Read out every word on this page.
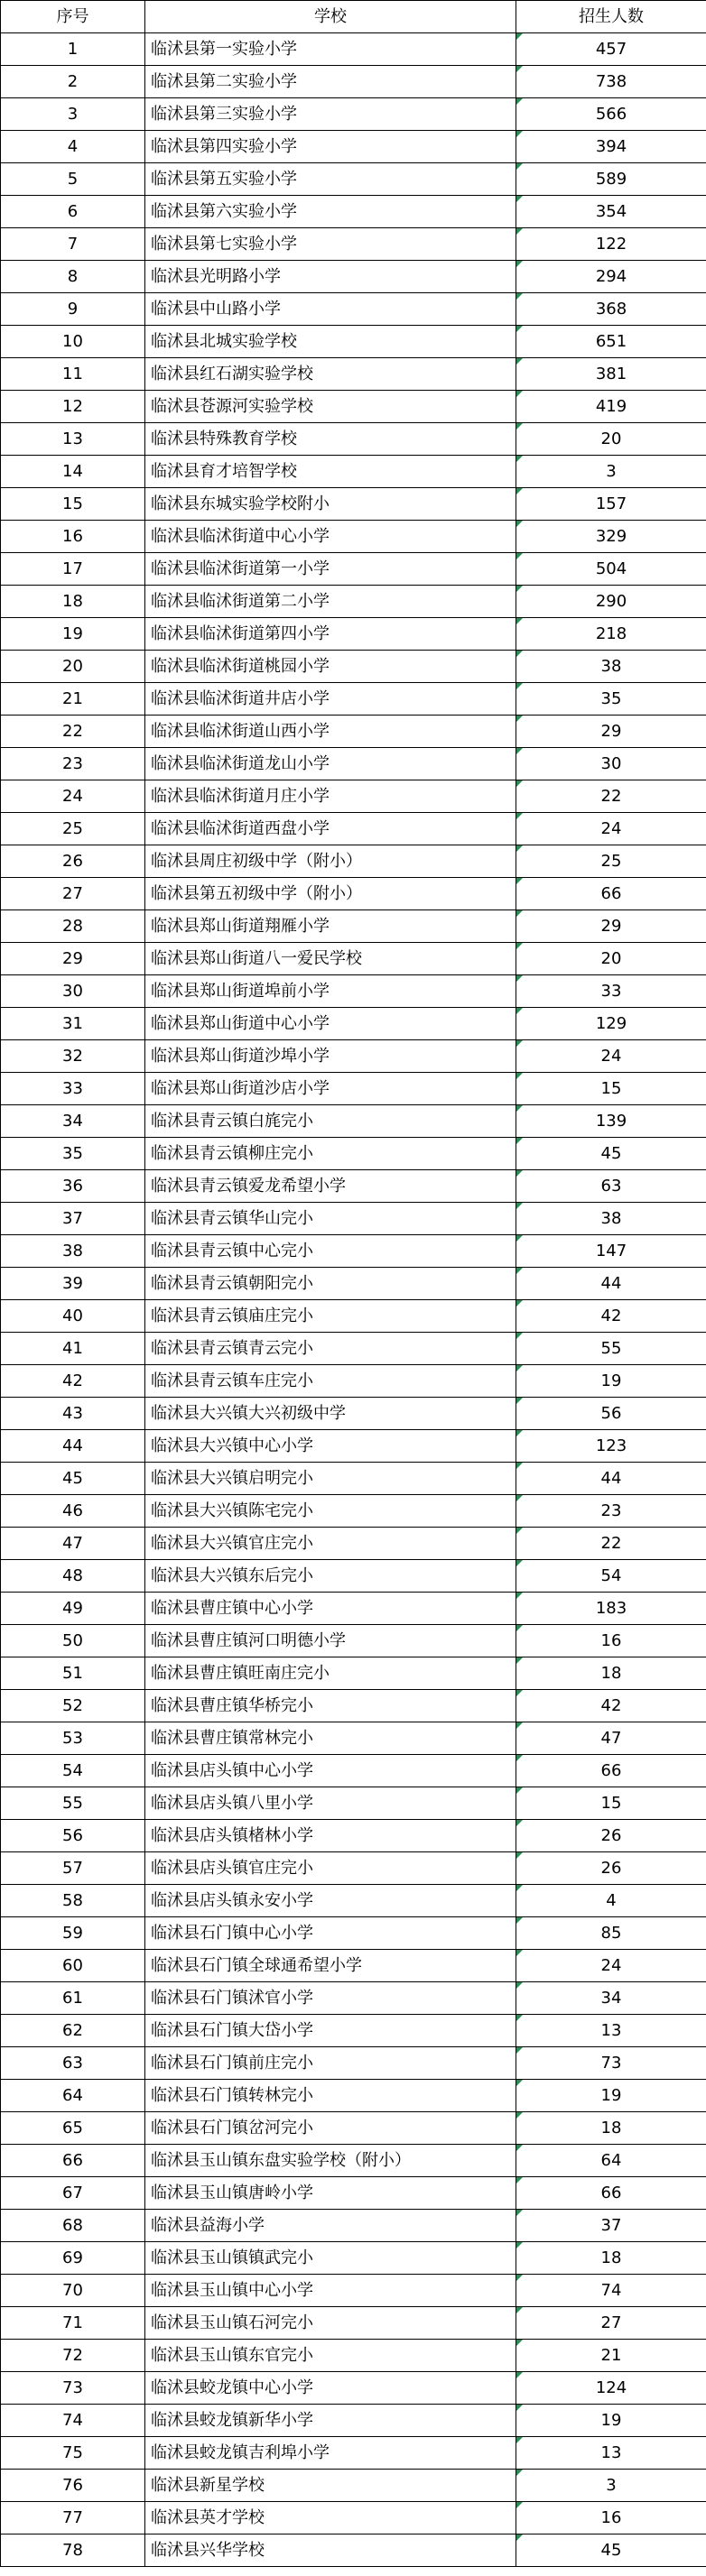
序号	学校	招生人数
1	临沭县第一实验小学	457
2	临沭县第二实验小学	738
3	临沭县第三实验小学	566
4	临沭县第四实验小学	394
5	临沭县第五实验小学	589
6	临沭县第六实验小学	354
7	临沭县第七实验小学	122
8	临沭县光明路小学	294
9	临沭县中山路小学	368
10	临沭县北城实验学校	651
11	临沭县红石湖实验学校	381
12	临沭县苍源河实验学校	419
13	临沭县特殊教育学校	20
14	临沭县育才培智学校	3
15	临沭县东城实验学校附小	157
16	临沭县临沭街道中心小学	329
17	临沭县临沭街道第一小学	504
18	临沭县临沭街道第二小学	290
19	临沭县临沭街道第四小学	218
20	临沭县临沭街道桃园小学	38
21	临沭县临沭街道井店小学	35
22	临沭县临沭街道山西小学	29
23	临沭县临沭街道龙山小学	30
24	临沭县临沭街道月庄小学	22
25	临沭县临沭街道西盘小学	24
26	临沭县周庄初级中学（附小）	25
27	临沭县第五初级中学（附小）	66
28	临沭县郑山街道翔雁小学	29
29	临沭县郑山街道八一爱民学校	20
30	临沭县郑山街道埠前小学	33
31	临沭县郑山街道中心小学	129
32	临沭县郑山街道沙埠小学	24
33	临沭县郑山街道沙店小学	15
34	临沭县青云镇白旄完小	139
35	临沭县青云镇柳庄完小	45
36	临沭县青云镇爱龙希望小学	63
37	临沭县青云镇华山完小	38
38	临沭县青云镇中心完小	147
39	临沭县青云镇朝阳完小	44
40	临沭县青云镇庙庄完小	42
41	临沭县青云镇青云完小	55
42	临沭县青云镇车庄完小	19
43	临沭县大兴镇大兴初级中学	56
44	临沭县大兴镇中心小学	123
45	临沭县大兴镇启明完小	44
46	临沭县大兴镇陈宅完小	23
47	临沭县大兴镇官庄完小	22
48	临沭县大兴镇东后完小	54
49	临沭县曹庄镇中心小学	183
50	临沭县曹庄镇河口明德小学	16
51	临沭县曹庄镇旺南庄完小	18
52	临沭县曹庄镇华桥完小	42
53	临沭县曹庄镇常林完小	47
54	临沭县店头镇中心小学	66
55	临沭县店头镇八里小学	15
56	临沭县店头镇楮林小学	26
57	临沭县店头镇官庄完小	26
58	临沭县店头镇永安小学	4
59	临沭县石门镇中心小学	85
60	临沭县石门镇全球通希望小学	24
61	临沭县石门镇沭官小学	34
62	临沭县石门镇大岱小学	13
63	临沭县石门镇前庄完小	73
64	临沭县石门镇转林完小	19
65	临沭县石门镇岔河完小	18
66	临沭县玉山镇东盘实验学校（附小）	64
67	临沭县玉山镇唐岭小学	66
68	临沭县益海小学	37
69	临沭县玉山镇镇武完小	18
70	临沭县玉山镇中心小学	74
71	临沭县玉山镇石河完小	27
72	临沭县玉山镇东官完小	21
73	临沭县蛟龙镇中心小学	124
74	临沭县蛟龙镇新华小学	19
75	临沭县蛟龙镇吉利埠小学	13
76	临沭县新星学校	3
77	临沭县英才学校	16
78	临沭县兴华学校	45
